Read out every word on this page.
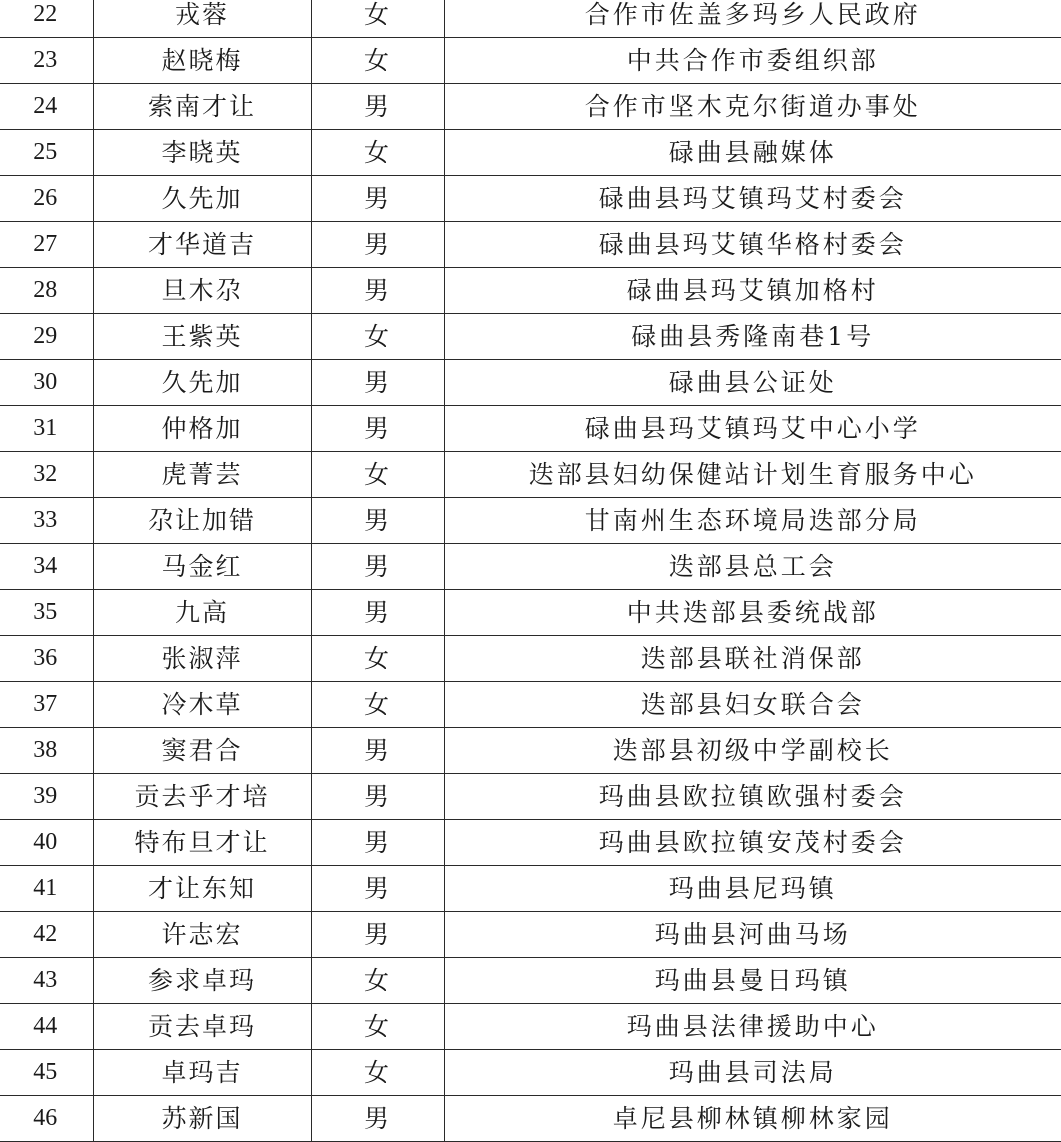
22	戎蓉	女	合作市佐盖多玛乡人民政府
23	赵晓梅	女	中共合作市委组织部
24	索南才让	男	合作市坚木克尔街道办事处
25	李晓英	女	碌曲县融媒体
26	久先加	男	碌曲县玛艾镇玛艾村委会
27	才华道吉	男	碌曲县玛艾镇华格村委会
28	旦木尕	男	碌曲县玛艾镇加格村
29	王紫英	女	碌曲县秀隆南巷1号
30	久先加	男	碌曲县公证处
31	仲格加	男	碌曲县玛艾镇玛艾中心小学
32	虎菁芸	女	迭部县妇幼保健站计划生育服务中心
33	尕让加错	男	甘南州生态环境局迭部分局
34	马金红	男	迭部县总工会
35	九高	男	中共迭部县委统战部
36	张淑萍	女	迭部县联社消保部
37	冷木草	女	迭部县妇女联合会
38	窦君合	男	迭部县初级中学副校长
39	贡去乎才培	男	玛曲县欧拉镇欧强村委会
40	特布旦才让	男	玛曲县欧拉镇安茂村委会
41	才让东知	男	玛曲县尼玛镇
42	许志宏	男	玛曲县河曲马场
43	参求卓玛	女	玛曲县曼日玛镇
44	贡去卓玛	女	玛曲县法律援助中心
45	卓玛吉	女	玛曲县司法局
46	苏新国	男	卓尼县柳林镇柳林家园
